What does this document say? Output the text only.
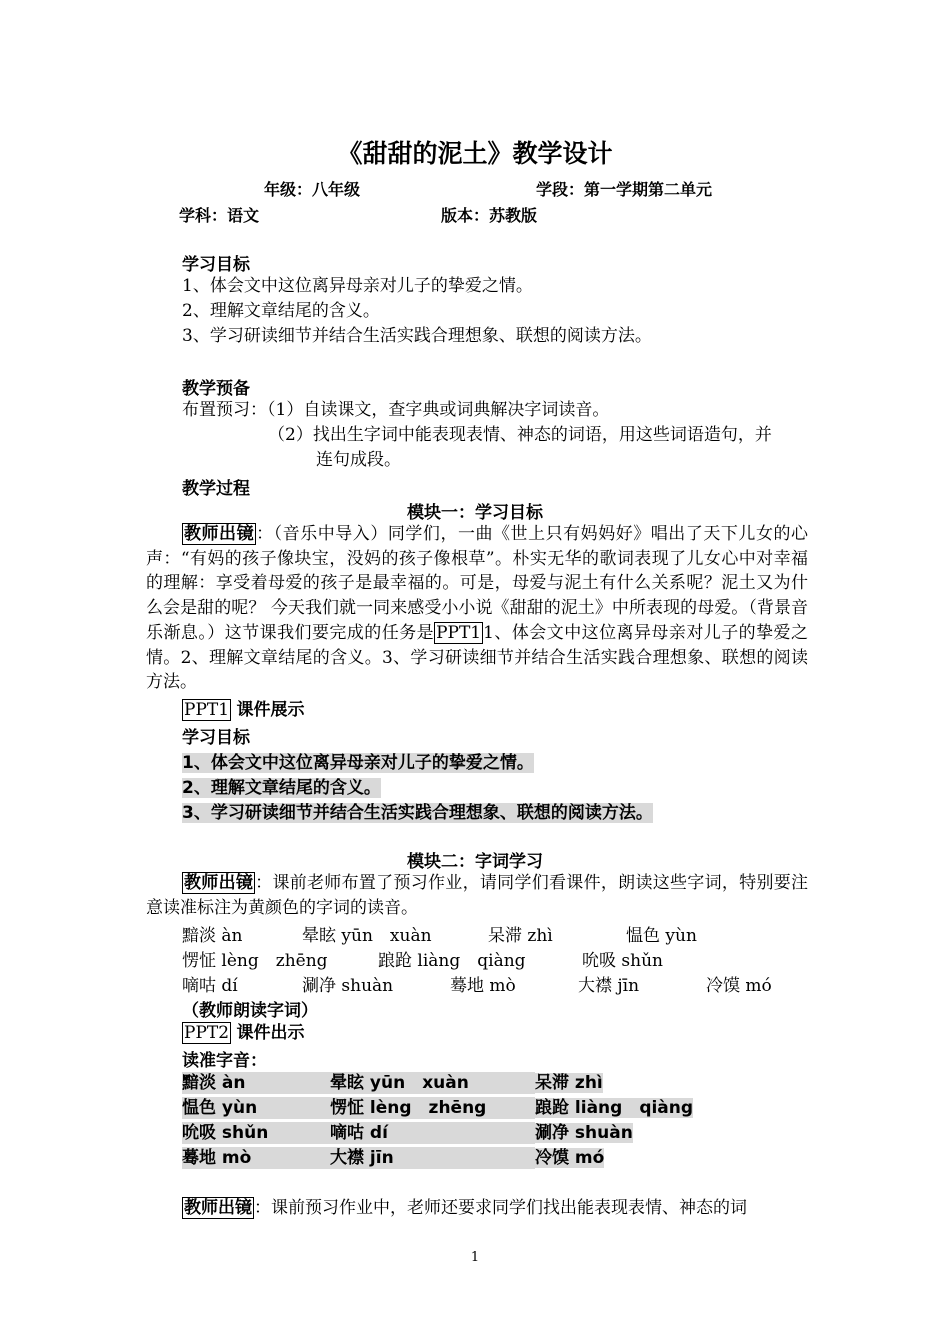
《甜甜的泥土》教学设计
年级：八年级	学段：第一学期第二单元
学科：语文	版本：苏教版
学习目标
1、体会文中这位离异母亲对儿子的挚爱之情。
2、理解文章结尾的含义。
3、学习研读细节并结合生活实践合理想象、联想的阅读方法。
教学预备
布置预习：（1）自读课文，查字典或词典解决字词读音。
（2）找出生字词中能表现表情、神态的词语，用这些词语造句，并
连句成段。
教学过程
模块一：学习目标
教师出镜 ：（音乐中导入）同学们，一曲《世上只有妈妈好》唱出了天下儿女的心声：“有妈的孩子像块宝，没妈的孩子像根草”。朴实无华的歌词表现了儿女心中对幸福的理解：享受着母爱的孩子是最幸福的。可是，母爱与泥土有什么关系呢？泥土又为什么会是甜的呢？ 今天我们就一同来感受小小说《甜甜的泥土》中所表现的母爱。（背景音乐渐息。）这节课我们要完成的任务是 PPT1 1、体会文中这位离异母亲对儿子的挚爱之情。2、理解文章结尾的含义。3、学习研读细节并结合生活实践合理想象、联想的阅读方法。
PPT1 课件展示
学习目标
1、体会文中这位离异母亲对儿子的挚爱之情。
2、理解文章结尾的含义。
3、学习研读细节并结合生活实践合理想象、联想的阅读方法。
模块二：字词学习
教师出镜 ：课前老师布置了预习作业，请同学们看课件，朗读这些字词，特别要注意读准标注为黄颜色的字词的读音。
黯淡 àn	晕眩 yūn　xuàn	呆滞 zhì	愠色 yùn
愣怔 lèng　zhēng	踉跄 liàng　qiàng	吮吸 shǔn
嘀咕 dí	涮净 shuàn	蓦地 mò	大襟 jīn	冷馍 mó
（教师朗读字词）
PPT2 课件出示
读准字音：
黯淡 àn	晕眩 yūn　xuàn	呆滞 zhì
愠色 yùn	愣怔 lèng　zhēng	踉跄 liàng　qiàng
吮吸 shǔn	嘀咕 dí	涮净 shuàn
蓦地 mò	大襟 jīn	冷馍 mó
教师出镜 ：课前预习作业中，老师还要求同学们找出能表现表情、神态的词
1
